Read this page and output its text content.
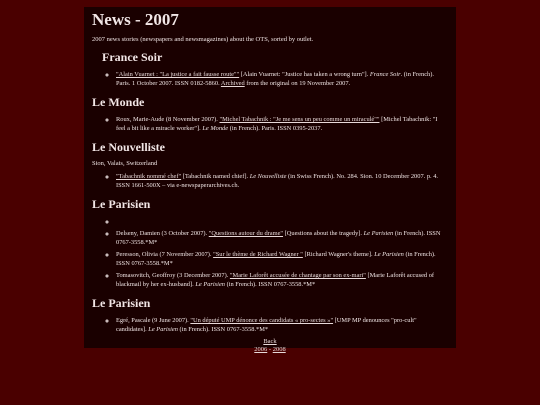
News - 2007

2007 news stories (newspapers and newsmagazines) about the OTS, sorted by outlet.

France Soir
◦ "Alain Vuarnet : "La justice a fait fausse route"" [Alain Vuarnet: "Justice has taken a wrong turn"]. France Soir. (in French). Paris. 1 October 2007. ISSN 0182-5860. Archived from the original on 19 November 2007.
Le Monde
◦ Roux, Marie-Aude (8 November 2007). "Michel Tabachnik : "Je me sens un peu comme un miraculé"" [Michel Tabachnik: "I feel a bit like a miracle worker"]. Le Monde (in French). Paris. ISSN 0395-2037.
Le Nouvelliste

Sion, Valais, Switzerland

◦ "Tabachnik nommé chef" [Tabachnik named chief]. Le Nouvelliste (in Swiss French). No. 284. Sion. 10 December 2007. p. 4. ISSN 1661-500X – via e-newspaperarchives.ch.
Le Parisien
◦
◦ Delseny, Damien (3 October 2007). "Questions autour du drame" [Questions about the tragedy]. Le Parisien (in French). ISSN 0767-3558.*M*
◦ Peresson, Olivia (7 November 2007). "Sur le thème de Richard Wagner " [Richard Wagner's theme]. Le Parisien (in French). ISSN 0767-3558.*M*
◦ Tomasovitch, Geoffroy (3 December 2007). "Marie Laforêt accusée de chantage par son ex-mari" [Marie Laforêt accused of blackmail by her ex-husband]. Le Parisien (in French). ISSN 0767-3558.*M*
Le Parisien
◦ Egré, Pascale (9 June 2007). "Un député UMP dénonce des candidats « pro-sectes »" [UMP MP denounces "pro-cult" candidates]. Le Parisien (in French). ISSN 0767-3558.*M*
Back
2006 - 2008
